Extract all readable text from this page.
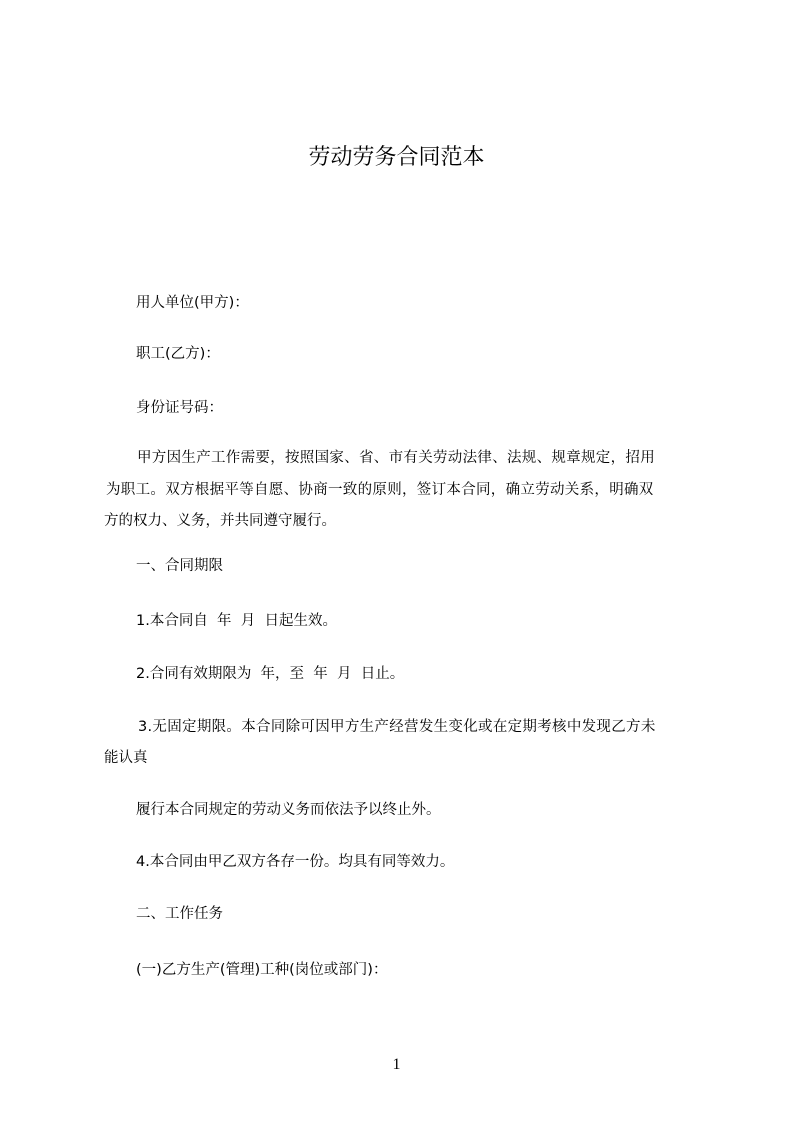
劳动劳务合同范本
用人单位(甲方)：
职工(乙方)：
身份证号码：
甲方因生产工作需要，按照国家、省、市有关劳动法律、法规、规章规定，招用
为职工。双方根据平等自愿、协商一致的原则，签订本合同，确立劳动关系，明确双
方的权力、义务，并共同遵守履行。
一、合同期限
1.本合同自  年  月  日起生效。
2.合同有效期限为  年，至  年  月  日止。
3.无固定期限。本合同除可因甲方生产经营发生变化或在定期考核中发现乙方未
能认真
履行本合同规定的劳动义务而依法予以终止外。
4.本合同由甲乙双方各存一份。均具有同等效力。
二、工作任务
(一)乙方生产(管理)工种(岗位或部门)：
1
